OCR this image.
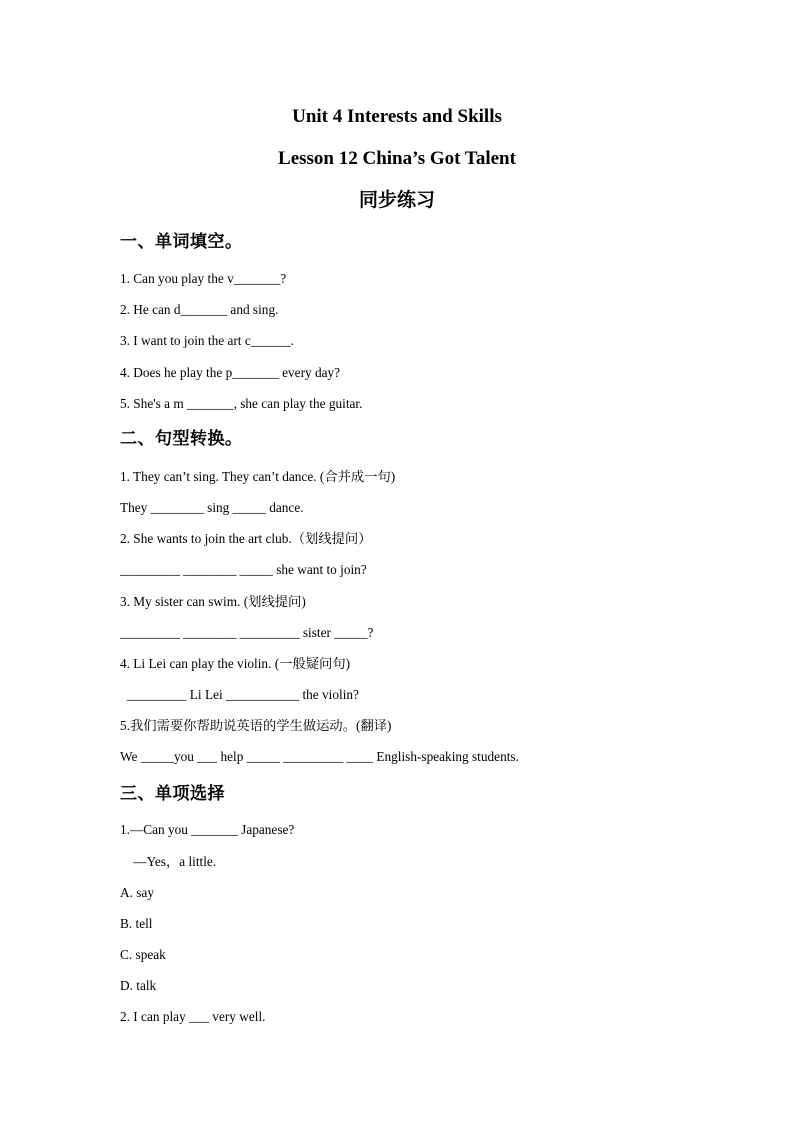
Unit 4 Interests and Skills
Lesson 12 China’s Got Talent
同步练习
一、单词填空。
1. Can you play the v_______?
2. He can d_______ and sing.
3. I want to join the art c______.
4. Does he play the p_______ every day?
5. She's a m _______, she can play the guitar.
二、句型转换。
1. They can’t sing. They can’t dance. (合并成一句)
They ________ sing _____ dance.
2. She wants to join the art club.（划线提问）
_________ ________ _____ she want to join?
3. My sister can swim. (划线提问)
_________ ________ _________ sister _____?
4. Li Lei can play the violin. (一般疑问句)
_________ Li Lei ___________ the violin?
5.我们需要你帮助说英语的学生做运动。(翻译)
We _____you ___ help _____ _________ ____ English-speaking students.
三、单项选择
1.—Can you _______ Japanese?
—Yes，a little.
A. say
B. tell
C. speak
D. talk
2. I can play ___ very well.
